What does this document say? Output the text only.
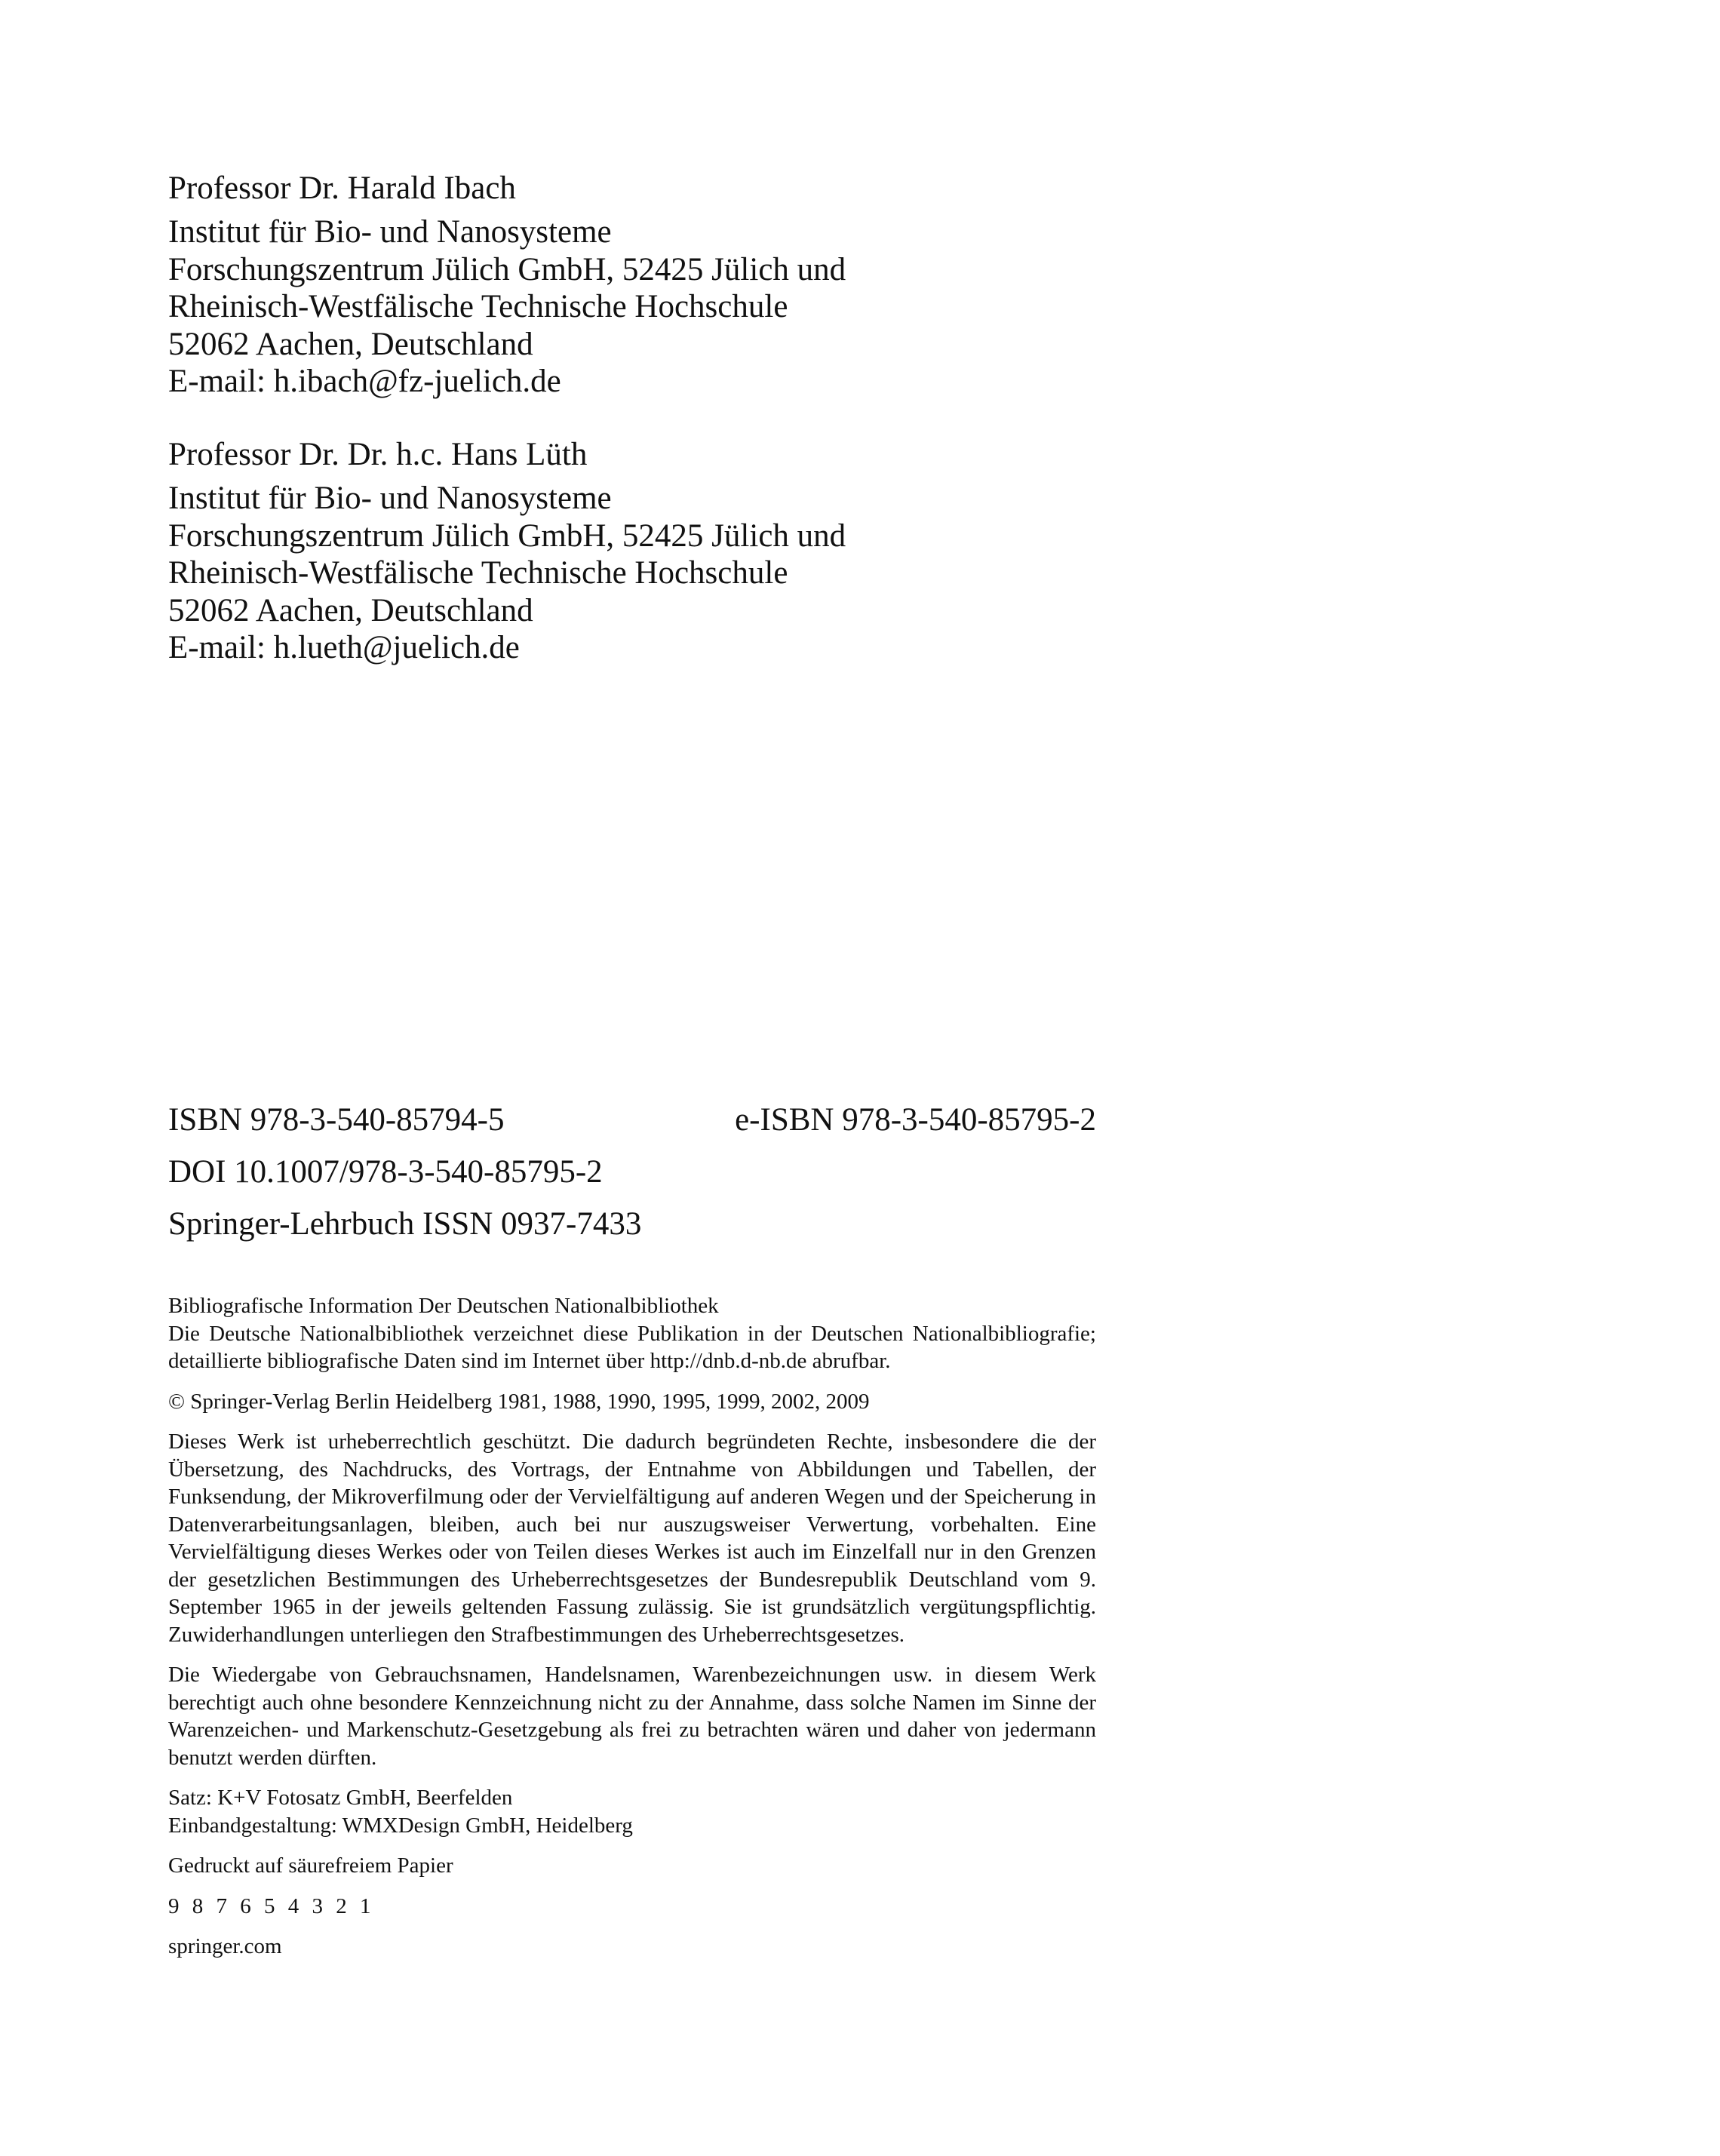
Professor Dr. Harald Ibach
Institut für Bio- und Nanosysteme
Forschungszentrum Jülich GmbH, 52425 Jülich und
Rheinisch-Westfälische Technische Hochschule
52062 Aachen, Deutschland
E-mail: h.ibach@fz-juelich.de
Professor Dr. Dr. h.c. Hans Lüth
Institut für Bio- und Nanosysteme
Forschungszentrum Jülich GmbH, 52425 Jülich und
Rheinisch-Westfälische Technische Hochschule
52062 Aachen, Deutschland
E-mail: h.lueth@juelich.de
ISBN 978-3-540-85794-5	e-ISBN 978-3-540-85795-2
DOI 10.1007/978-3-540-85795-2
Springer-Lehrbuch ISSN 0937-7433

Bibliografische Information Der Deutschen Nationalbibliothek
Die Deutsche Nationalbibliothek verzeichnet diese Publikation in der Deutschen Nationalbibliografie; detaillierte bibliografische Daten sind im Internet über http://dnb.d-nb.de abrufbar.

© Springer-Verlag Berlin Heidelberg 1981, 1988, 1990, 1995, 1999, 2002, 2009

Dieses Werk ist urheberrechtlich geschützt. Die dadurch begründeten Rechte, insbesondere die der Übersetzung, des Nachdrucks, des Vortrags, der Entnahme von Abbildungen und Tabellen, der Funksendung, der Mikroverfilmung oder der Vervielfältigung auf anderen Wegen und der Speicherung in Datenverarbeitungsanlagen, bleiben, auch bei nur auszugsweiser Verwertung, vorbehalten. Eine Vervielfältigung dieses Werkes oder von Teilen dieses Werkes ist auch im Einzelfall nur in den Grenzen der gesetzlichen Bestimmungen des Urheberrechtsgesetzes der Bundesrepublik Deutschland vom 9. September 1965 in der jeweils geltenden Fassung zulässig. Sie ist grundsätzlich vergütungspflichtig. Zuwiderhandlungen unterliegen den Strafbestimmungen des Urheberrechtsgesetzes.

Die Wiedergabe von Gebrauchsnamen, Handelsnamen, Warenbezeichnungen usw. in diesem Werk berechtigt auch ohne besondere Kennzeichnung nicht zu der Annahme, dass solche Namen im Sinne der Warenzeichen- und Markenschutz-Gesetzgebung als frei zu betrachten wären und daher von jedermann benutzt werden dürften.

Satz: K+V Fotosatz GmbH, Beerfelden
Einbandgestaltung: WMXDesign GmbH, Heidelberg

Gedruckt auf säurefreiem Papier

9 8 7 6 5 4 3 2 1

springer.com
